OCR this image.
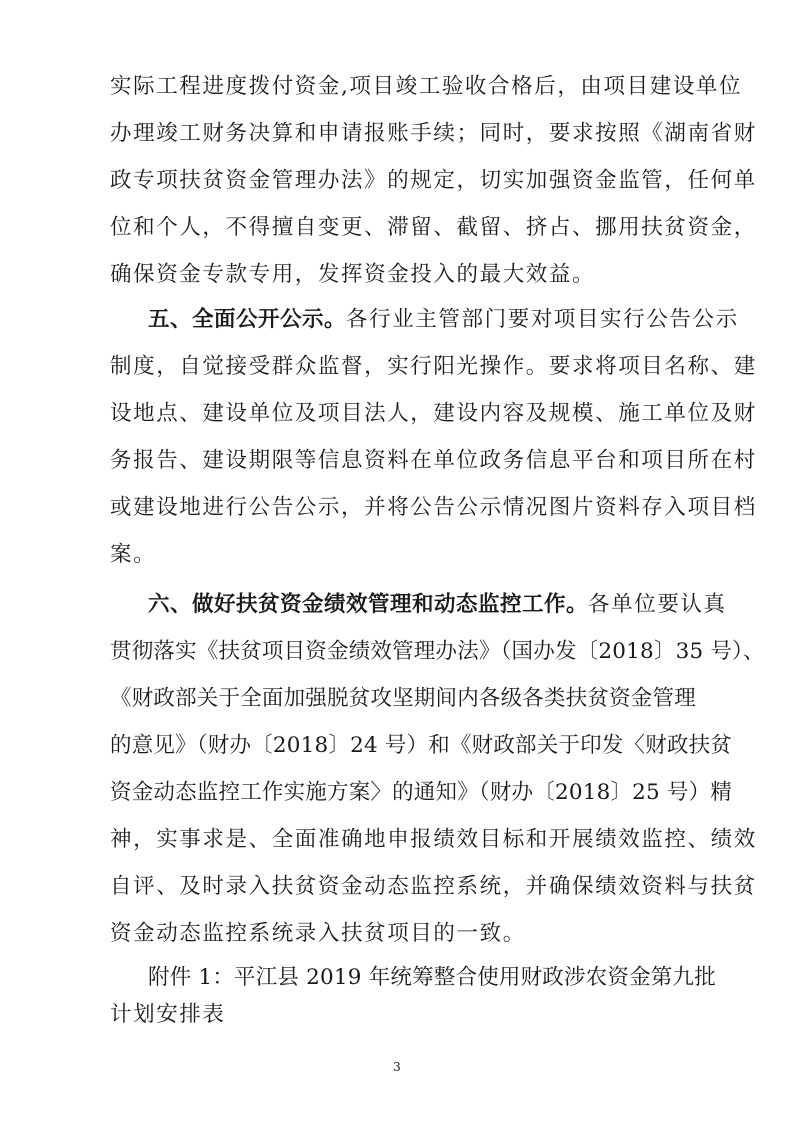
实际工程进度拨付资金,项目竣工验收合格后，由项目建设单位
办理竣工财务决算和申请报账手续；同时，要求按照《湖南省财
政专项扶贫资金管理办法》的规定，切实加强资金监管，任何单
位和个人，不得擅自变更、滞留、截留、挤占、挪用扶贫资金，
确保资金专款专用，发挥资金投入的最大效益。
五、全面公开公示。各行业主管部门要对项目实行公告公示
制度，自觉接受群众监督，实行阳光操作。要求将项目名称、建
设地点、建设单位及项目法人，建设内容及规模、施工单位及财
务报告、建设期限等信息资料在单位政务信息平台和项目所在村
或建设地进行公告公示，并将公告公示情况图片资料存入项目档
案。
六、做好扶贫资金绩效管理和动态监控工作。各单位要认真
贯彻落实《扶贫项目资金绩效管理办法》（国办发〔2018〕35 号）、
《财政部关于全面加强脱贫攻坚期间内各级各类扶贫资金管理
的意见》（财办〔2018〕24 号）和《财政部关于印发〈财政扶贫
资金动态监控工作实施方案〉的通知》（财办〔2018〕25 号）精
神，实事求是、全面准确地申报绩效目标和开展绩效监控、绩效
自评、及时录入扶贫资金动态监控系统，并确保绩效资料与扶贫
资金动态监控系统录入扶贫项目的一致。
附件 1：平江县 2019 年统筹整合使用财政涉农资金第九批
计划安排表
3
